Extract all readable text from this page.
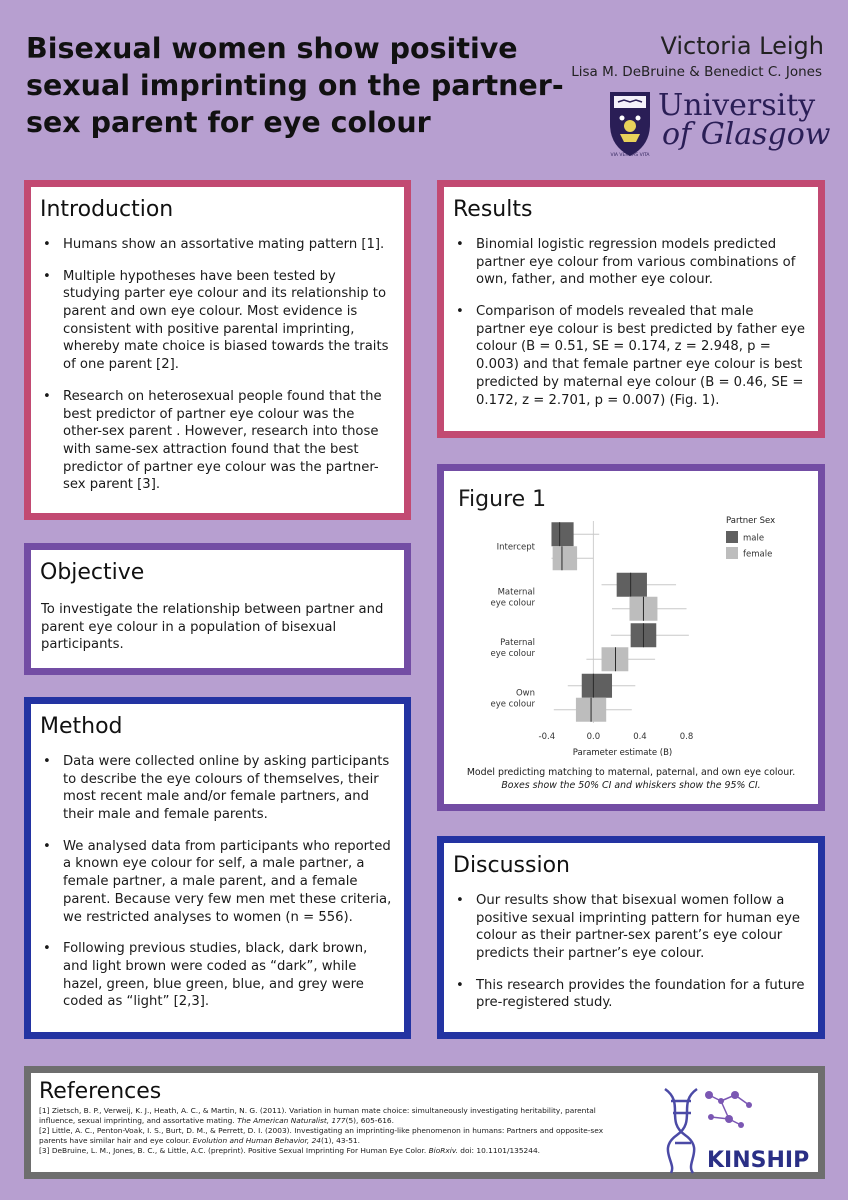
Bisexual women show positive
sexual imprinting on the partner-
sex parent for eye colour
Victoria Leigh
Lisa M. DeBruine & Benedict C. Jones
VIA VERITAS VITA
University
of Glasgow
Introduction
• Humans show an assortative mating pattern [1].
• Multiple hypotheses have been tested by studying parter eye colour and its relationship to parent and own eye colour. Most evidence is consistent with positive parental imprinting, whereby mate choice is biased towards the traits of one parent [2].
• Research on heterosexual people found that the best predictor of partner eye colour was the other-sex parent . However, research into those with same-sex attraction found that the best predictor of partner eye colour was the partner-sex parent [3].
Objective

To investigate the relationship between partner and parent eye colour in a population of bisexual participants.

Method
• Data were collected online by asking participants to describe the eye colours of themselves, their most recent male and/or female partners, and their male and female parents.
• We analysed data from participants who reported a known eye colour for self, a male partner, a female partner, a male parent, and a female parent. Because very few men met these criteria, we restricted analyses to women (n = 556).
• Following previous studies, black, dark brown, and light brown were coded as “dark”, while hazel, green, blue green, blue, and grey were coded as “light” [2,3].
Results
• Binomial logistic regression models predicted partner eye colour from various combinations of own, father, and mother eye colour.
• Comparison of models revealed that male partner eye colour is best predicted by father eye colour (B = 0.51, SE = 0.174, z = 2.948, p = 0.003) and that female partner eye colour is best predicted by maternal eye colour (B = 0.46, SE = 0.172, z = 2.701, p = 0.007) (Fig. 1).
Figure 1
Intercept
Maternal
eye colour
Paternal
eye colour
Own
eye colour
-0.4	0.0	0.4	0.8
Parameter estimate (B)
Partner Sex
male
female
Model predicting matching to maternal, paternal, and own eye colour.
Boxes show the 50% CI and whiskers show the 95% CI.
Discussion
• Our results show that bisexual women follow a positive sexual imprinting pattern for human eye colour as their partner-sex parent’s eye colour predicts their partner’s eye colour.
• This research provides the foundation for a future pre-registered study.
References

[1] Zietsch, B. P., Verweij, K. J., Heath, A. C., & Martin, N. G. (2011). Variation in human mate choice: simultaneously investigating heritability, parental influence, sexual imprinting, and assortative mating. The American Naturalist, 177(5), 605-616.

[2] Little, A. C., Penton-Voak, I. S., Burt, D. M., & Perrett, D. I. (2003). Investigating an imprinting-like phenomenon in humans: Partners and opposite-sex parents have similar hair and eye colour. Evolution and Human Behavior, 24(1), 43-51.

[3] DeBruine, L. M., Jones, B. C., & Little, A.C. (preprint). Positive Sexual Imprinting For Human Eye Color. BioRxiv. doi: 10.1101/135244.	KINSHIP
